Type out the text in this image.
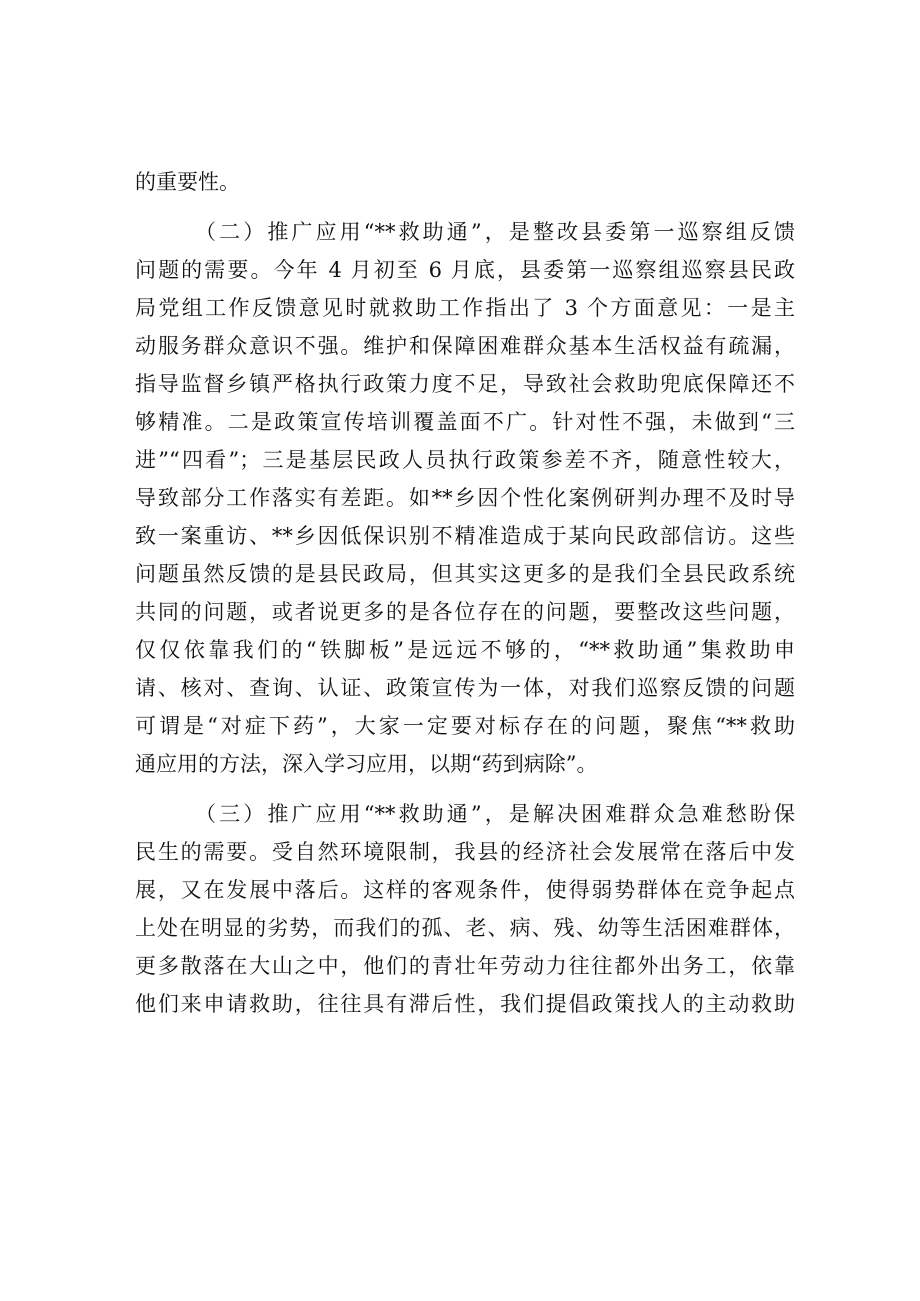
的重要性。
（二）推广应用“**救助通”，是整改县委第一巡察组反馈
问题的需要。今年 4 月初至 6 月底，县委第一巡察组巡察县民政
局党组工作反馈意见时就救助工作指出了 3 个方面意见：一是主
动服务群众意识不强。维护和保障困难群众基本生活权益有疏漏，
指导监督乡镇严格执行政策力度不足，导致社会救助兜底保障还不
够精准。二是政策宣传培训覆盖面不广。针对性不强，未做到“三
进”“四看”；三是基层民政人员执行政策参差不齐，随意性较大，
导致部分工作落实有差距。如**乡因个性化案例研判办理不及时导
致一案重访、**乡因低保识别不精准造成于某向民政部信访。这些
问题虽然反馈的是县民政局，但其实这更多的是我们全县民政系统
共同的问题，或者说更多的是各位存在的问题，要整改这些问题，
仅仅依靠我们的“铁脚板”是远远不够的，“**救助通”集救助申
请、核对、查询、认证、政策宣传为一体，对我们巡察反馈的问题
可谓是“对症下药”，大家一定要对标存在的问题，聚焦“**救助
通应用的方法，深入学习应用，以期“药到病除”。
（三）推广应用“**救助通”，是解决困难群众急难愁盼保
民生的需要。受自然环境限制，我县的经济社会发展常在落后中发
展，又在发展中落后。这样的客观条件，使得弱势群体在竞争起点
上处在明显的劣势，而我们的孤、老、病、残、幼等生活困难群体，
更多散落在大山之中，他们的青壮年劳动力往往都外出务工，依靠
他们来申请救助，往往具有滞后性，我们提倡政策找人的主动救助
